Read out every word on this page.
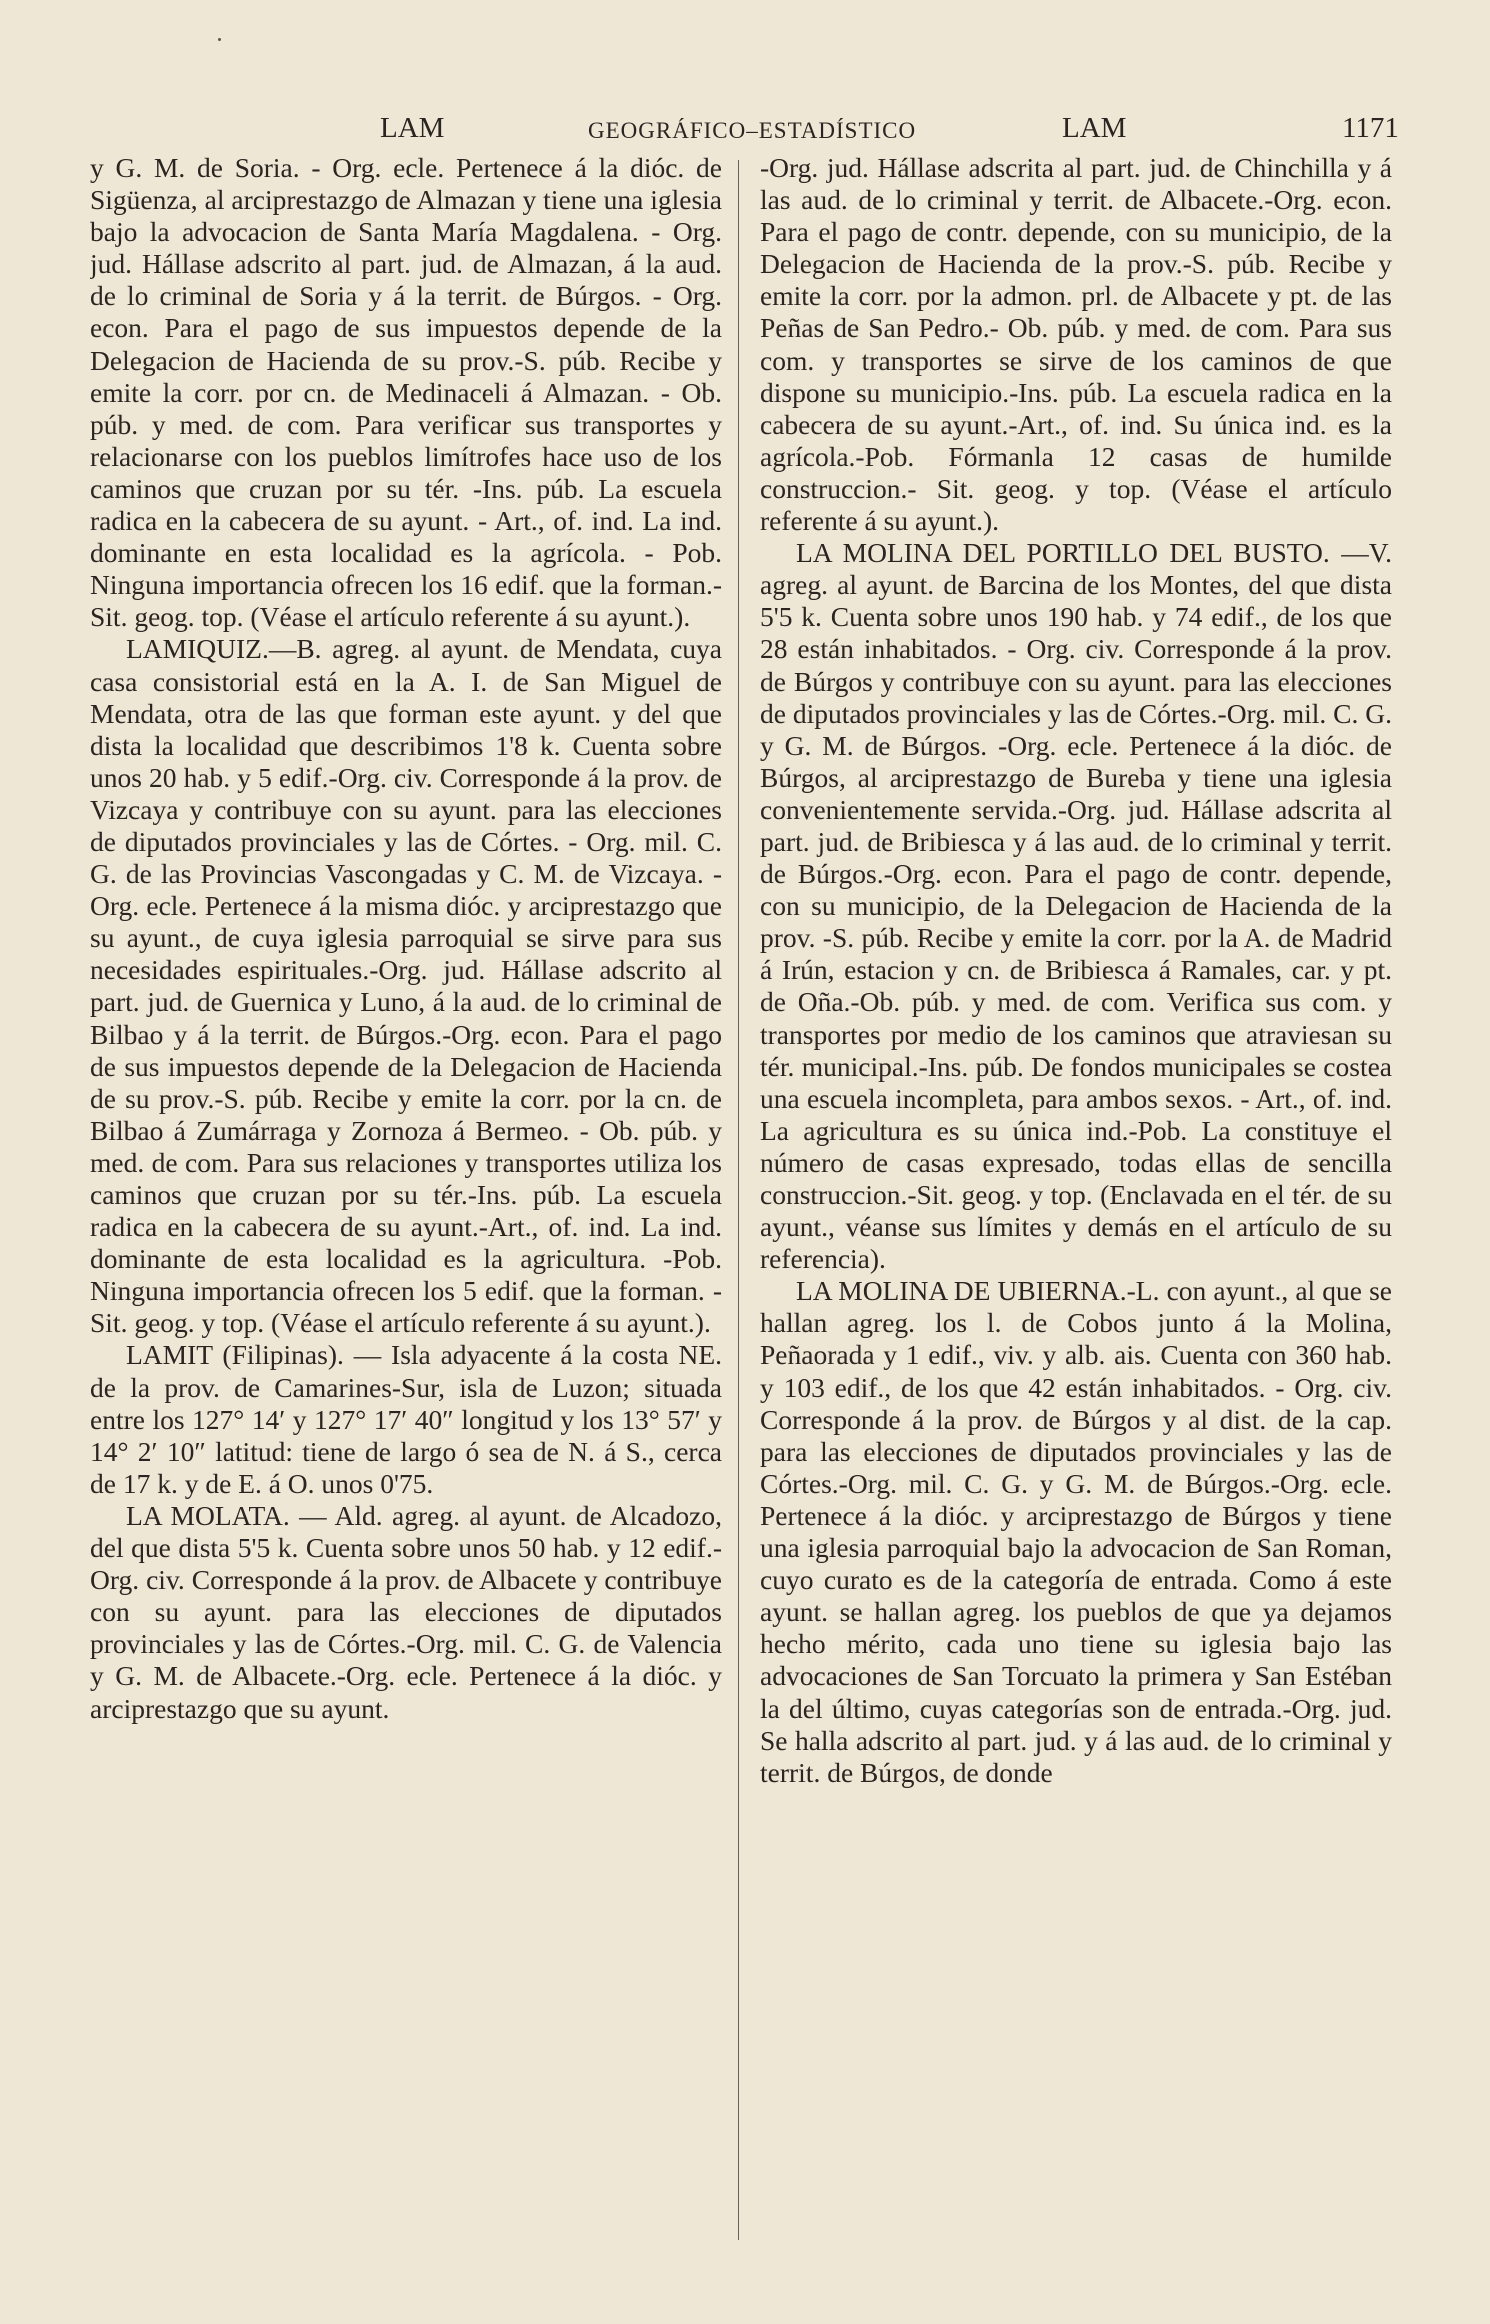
LAM	GEOGRÁFICO–ESTADÍSTICO	LAM	1171

y G. M. de Soria. - Org. ecle. Pertenece á la dióc. de Sigüenza, al arciprestazgo de Almazan y tiene una iglesia bajo la advocacion de Santa María Magdalena. - Org. jud. Hállase adscrito al part. jud. de Almazan, á la aud. de lo criminal de Soria y á la territ. de Búrgos. - Org. econ. Para el pago de sus impuestos depende de la Delegacion de Hacienda de su prov.-S. púb. Recibe y emite la corr. por cn. de Medinaceli á Almazan. - Ob. púb. y med. de com. Para verificar sus transportes y relacionarse con los pueblos limítrofes hace uso de los caminos que cruzan por su tér. -Ins. púb. La escuela radica en la cabecera de su ayunt. - Art., of. ind. La ind. dominante en esta localidad es la agrícola. - Pob. Ninguna importancia ofrecen los 16 edif. que la forman.-Sit. geog. top. (Véase el artículo referente á su ayunt.).

LAMIQUIZ.—B. agreg. al ayunt. de Mendata, cuya casa consistorial está en la A. I. de San Miguel de Mendata, otra de las que forman este ayunt. y del que dista la localidad que describimos 1'8 k. Cuenta sobre unos 20 hab. y 5 edif.-Org. civ. Corresponde á la prov. de Vizcaya y contribuye con su ayunt. para las elecciones de diputados provinciales y las de Córtes. - Org. mil. C. G. de las Provincias Vascongadas y C. M. de Vizcaya. - Org. ecle. Pertenece á la misma dióc. y arciprestazgo que su ayunt., de cuya iglesia parroquial se sirve para sus necesidades espirituales.-Org. jud. Hállase adscrito al part. jud. de Guernica y Luno, á la aud. de lo criminal de Bilbao y á la territ. de Búrgos.-Org. econ. Para el pago de sus impuestos depende de la Delegacion de Hacienda de su prov.-S. púb. Recibe y emite la corr. por la cn. de Bilbao á Zumárraga y Zornoza á Bermeo. - Ob. púb. y med. de com. Para sus relaciones y transportes utiliza los caminos que cruzan por su tér.-Ins. púb. La escuela radica en la cabecera de su ayunt.-Art., of. ind. La ind. dominante de esta localidad es la agricultura. -Pob. Ninguna importancia ofrecen los 5 edif. que la forman. - Sit. geog. y top. (Véase el artículo referente á su ayunt.).

LAMIT (Filipinas). — Isla adyacente á la costa NE. de la prov. de Camarines-Sur, isla de Luzon; situada entre los 127° 14′ y 127° 17′ 40″ longitud y los 13° 57′ y 14° 2′ 10″ latitud: tiene de largo ó sea de N. á S., cerca de 17 k. y de E. á O. unos 0'75.

LA MOLATA. — Ald. agreg. al ayunt. de Alcadozo, del que dista 5'5 k. Cuenta sobre unos 50 hab. y 12 edif.-Org. civ. Corresponde á la prov. de Albacete y contribuye con su ayunt. para las elecciones de diputados provinciales y las de Córtes.-Org. mil. C. G. de Valencia y G. M. de Albacete.-Org. ecle. Pertenece á la dióc. y arciprestazgo que su ayunt.

-Org. jud. Hállase adscrita al part. jud. de Chinchilla y á las aud. de lo criminal y territ. de Albacete.-Org. econ. Para el pago de contr. depende, con su municipio, de la Delegacion de Hacienda de la prov.-S. púb. Recibe y emite la corr. por la admon. prl. de Albacete y pt. de las Peñas de San Pedro.- Ob. púb. y med. de com. Para sus com. y transportes se sirve de los caminos de que dispone su municipio.-Ins. púb. La escuela radica en la cabecera de su ayunt.-Art., of. ind. Su única ind. es la agrícola.-Pob. Fórmanla 12 casas de humilde construccion.- Sit. geog. y top. (Véase el artículo referente á su ayunt.).

LA MOLINA DEL PORTILLO DEL BUSTO. —V. agreg. al ayunt. de Barcina de los Montes, del que dista 5'5 k. Cuenta sobre unos 190 hab. y 74 edif., de los que 28 están inhabitados. - Org. civ. Corresponde á la prov. de Búrgos y contribuye con su ayunt. para las elecciones de diputados provinciales y las de Córtes.-Org. mil. C. G. y G. M. de Búrgos. -Org. ecle. Pertenece á la dióc. de Búrgos, al arciprestazgo de Bureba y tiene una iglesia convenientemente servida.-Org. jud. Hállase adscrita al part. jud. de Bribiesca y á las aud. de lo criminal y territ. de Búrgos.-Org. econ. Para el pago de contr. depende, con su municipio, de la Delegacion de Hacienda de la prov. -S. púb. Recibe y emite la corr. por la A. de Madrid á Irún, estacion y cn. de Bribiesca á Ramales, car. y pt. de Oña.-Ob. púb. y med. de com. Verifica sus com. y transportes por medio de los caminos que atraviesan su tér. municipal.-Ins. púb. De fondos municipales se costea una escuela incompleta, para ambos sexos. - Art., of. ind. La agricultura es su única ind.-Pob. La constituye el número de casas expresado, todas ellas de sencilla construccion.-Sit. geog. y top. (Enclavada en el tér. de su ayunt., véanse sus límites y demás en el artículo de su referencia).

LA MOLINA DE UBIERNA.-L. con ayunt., al que se hallan agreg. los l. de Cobos junto á la Molina, Peñaorada y 1 edif., viv. y alb. ais. Cuenta con 360 hab. y 103 edif., de los que 42 están inhabitados. - Org. civ. Corresponde á la prov. de Búrgos y al dist. de la cap. para las elecciones de diputados provinciales y las de Córtes.-Org. mil. C. G. y G. M. de Búrgos.-Org. ecle. Pertenece á la dióc. y arciprestazgo de Búrgos y tiene una iglesia parroquial bajo la advocacion de San Roman, cuyo curato es de la categoría de entrada. Como á este ayunt. se hallan agreg. los pueblos de que ya dejamos hecho mérito, cada uno tiene su iglesia bajo las advocaciones de San Torcuato la primera y San Estéban la del último, cuyas categorías son de entrada.-Org. jud. Se halla adscrito al part. jud. y á las aud. de lo criminal y territ. de Búrgos, de donde
